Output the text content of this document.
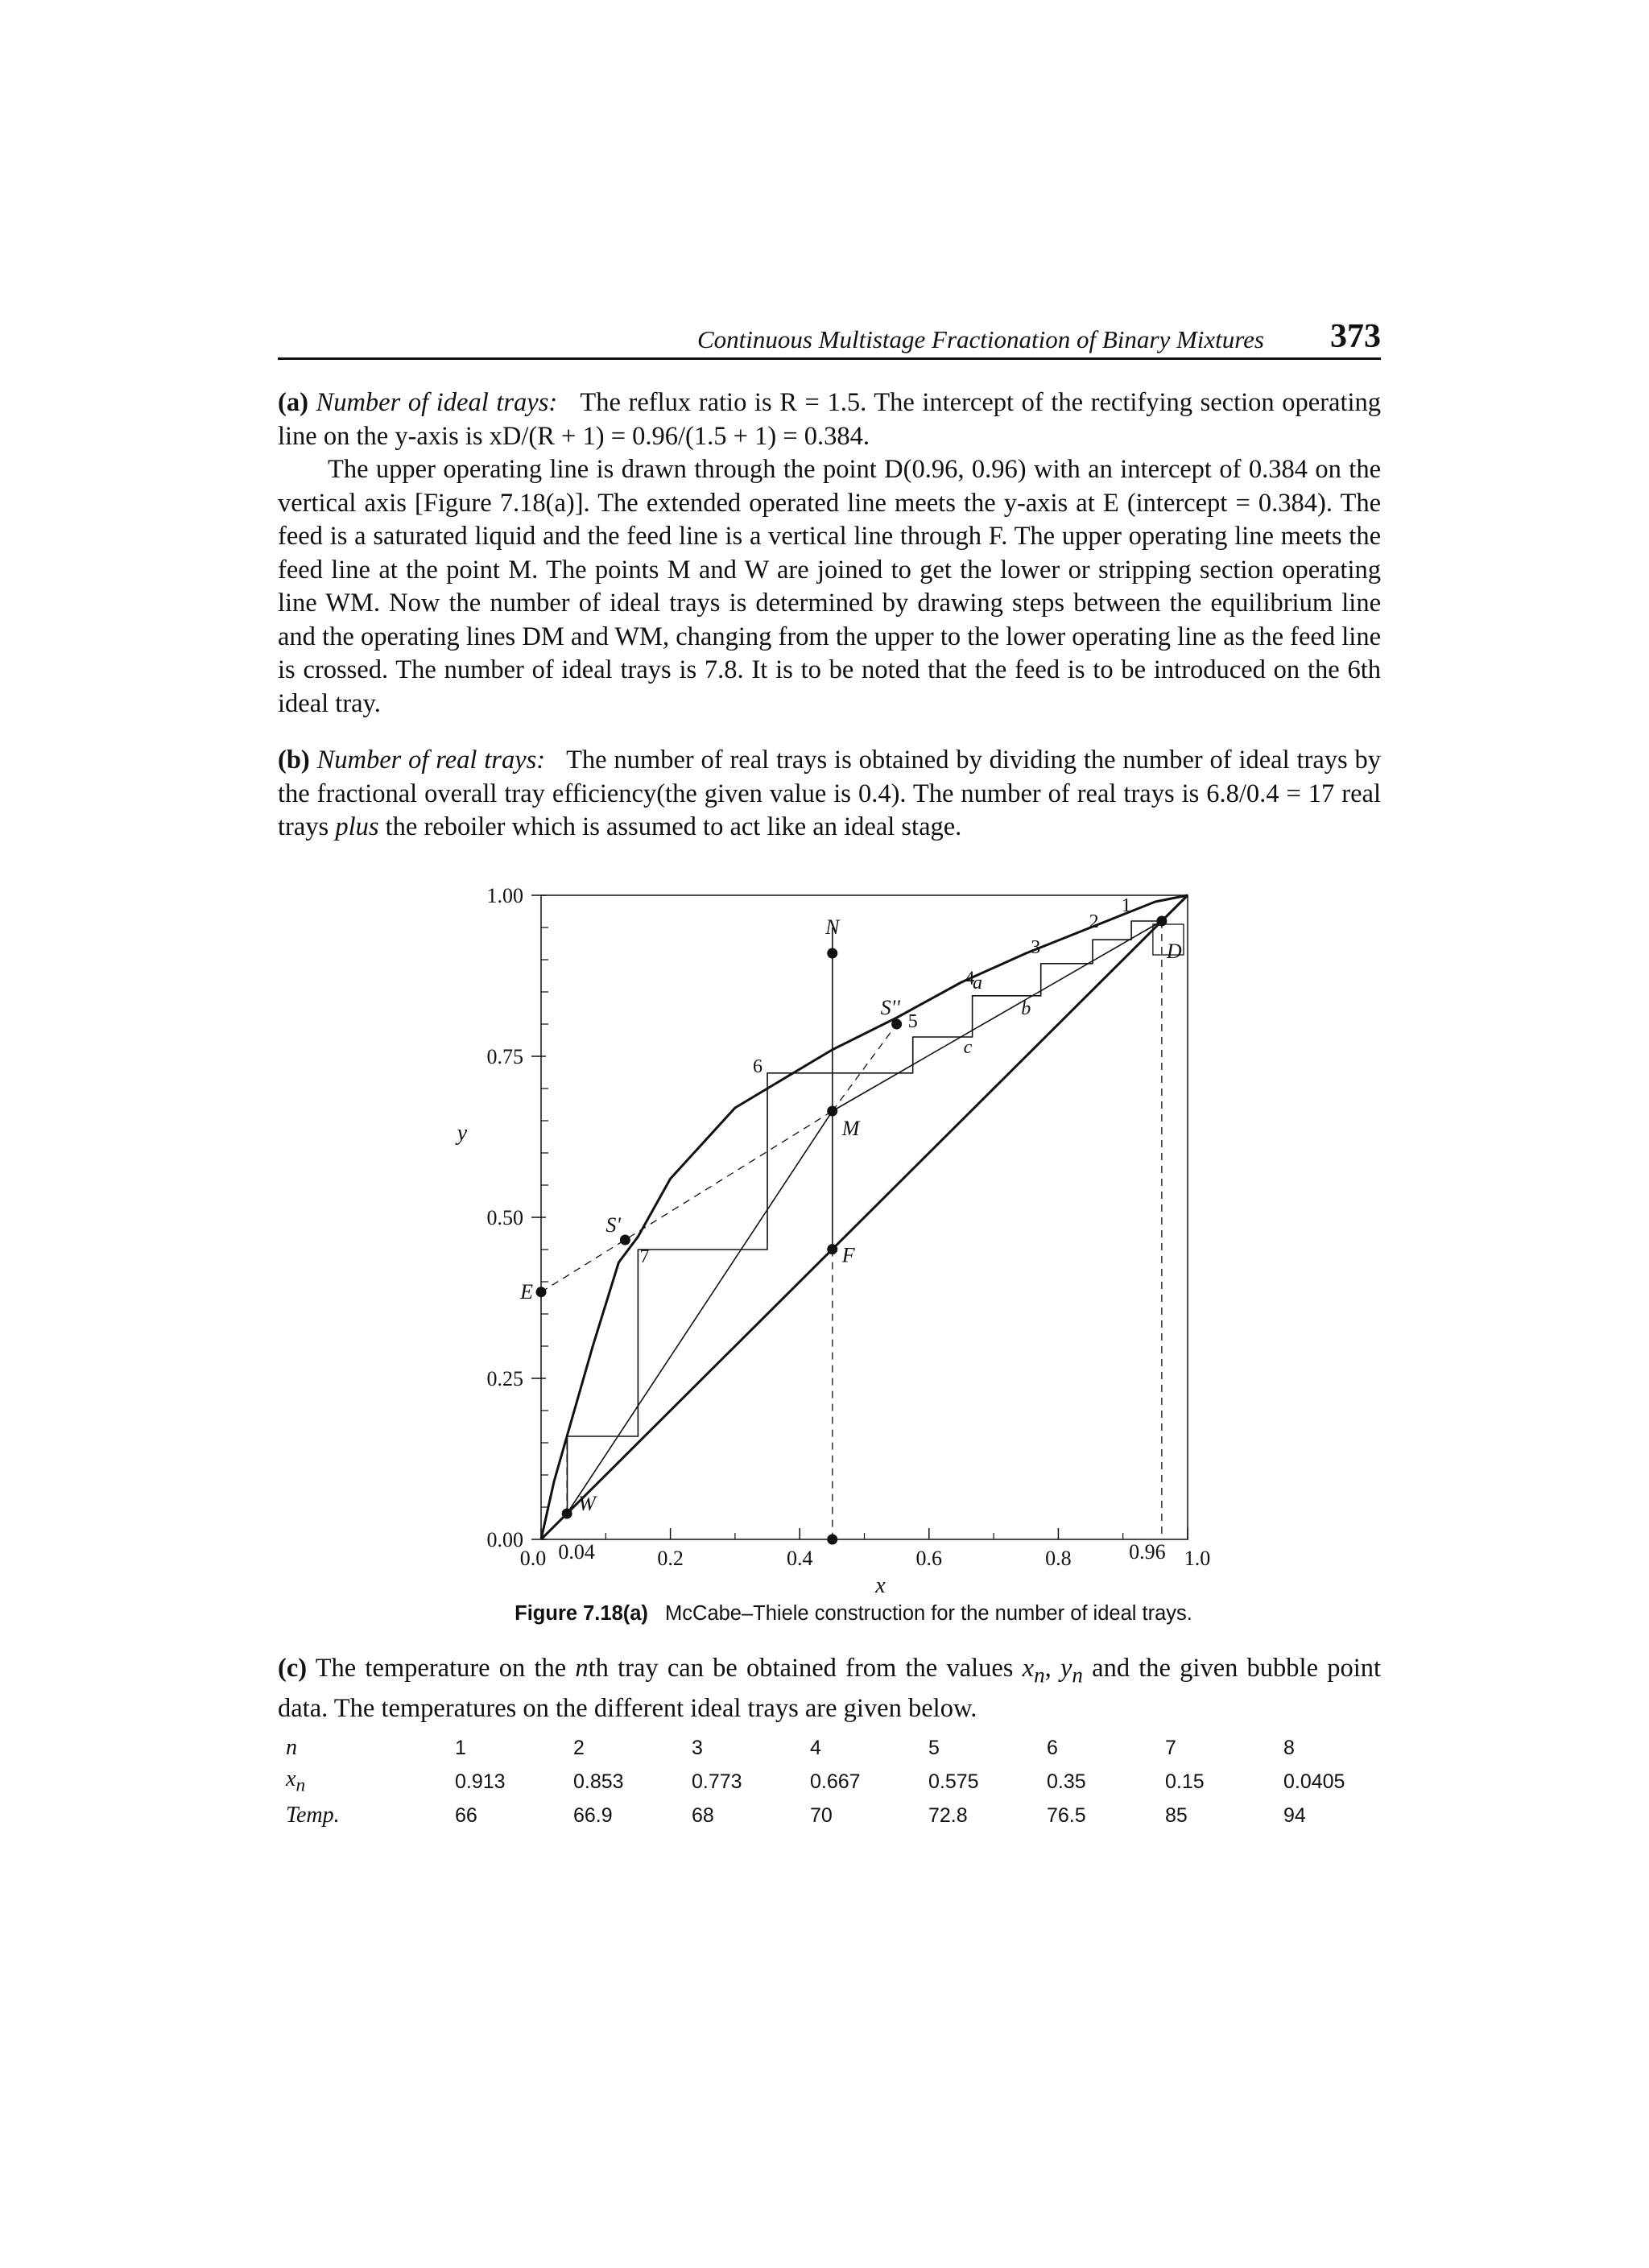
Continuous Multistage Fractionation of Binary Mixtures 373

(a) Number of ideal trays: The reflux ratio is R = 1.5. The intercept of the rectifying section operating line on the y-axis is xD/(R + 1) = 0.96/(1.5 + 1) = 0.384.

The upper operating line is drawn through the point D(0.96, 0.96) with an intercept of 0.384 on the vertical axis [Figure 7.18(a)]. The extended operated line meets the y-axis at E (intercept = 0.384). The feed is a saturated liquid and the feed line is a vertical line through F. The upper operating line meets the feed line at the point M. The points M and W are joined to get the lower or stripping section operating line WM. Now the number of ideal trays is determined by drawing steps between the equilibrium line and the operating lines DM and WM, changing from the upper to the lower operating line as the feed line is crossed. The number of ideal trays is 7.8. It is to be noted that the feed is to be introduced on the 6th ideal tray.

(b) Number of real trays: The number of real trays is obtained by dividing the number of ideal trays by the fractional overall tray efficiency(the given value is 0.4). The number of real trays is 6.8/0.4 = 17 real trays plus the reboiler which is assumed to act like an ideal stage.

0.0	0.2	0.4	0.6	0.8	1.0
0.04	0.96
0.00
0.25
0.50
0.75
1.00
x
y
D
N
M
F
E
S'
S''
W
1
2
3
4
5
6
7
a
b
c
Figure 7.18(a) McCabe–Thiele construction for the number of ideal trays.

(c) The temperature on the nth tray can be obtained from the values $x_n$, $y_n$ and the given bubble point data. The temperatures on the different ideal trays are given below.

n	1	2	3	4	5	6	7	8
$x_n$	0.913	0.853	0.773	0.667	0.575	0.35	0.15	0.0405
Temp.	66	66.9	68	70	72.8	76.5	85	94
